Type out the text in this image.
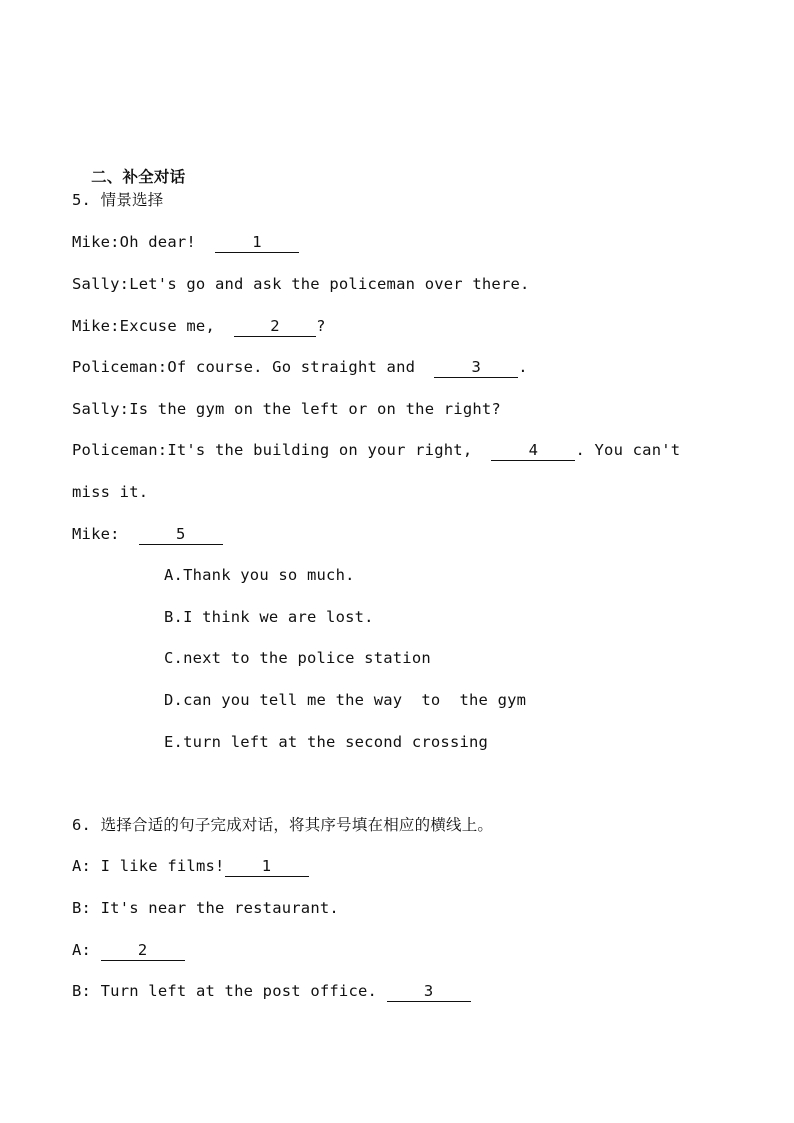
二、补全对话

5. 情景选择
Mike:Oh dear!	1
Sally:Let's go and ask the policeman over there.
Mike:Excuse me,	2 ?
Policeman:Of course. Go straight and	3 .
Sally:Is the gym on the left or on the right?
Policeman:It's the building on your right,	4 . You can't
miss it.
Mike:	5
A.Thank you so much.
B.I think we are lost.
C.next to the police station
D.can you tell me the way  to  the gym
E.turn left at the second crossing
6. 选择合适的句子完成对话，将其序号填在相应的横线上。
A: I like films! 1
B: It's near the restaurant.
A:	2
B: Turn left at the post office.	3
